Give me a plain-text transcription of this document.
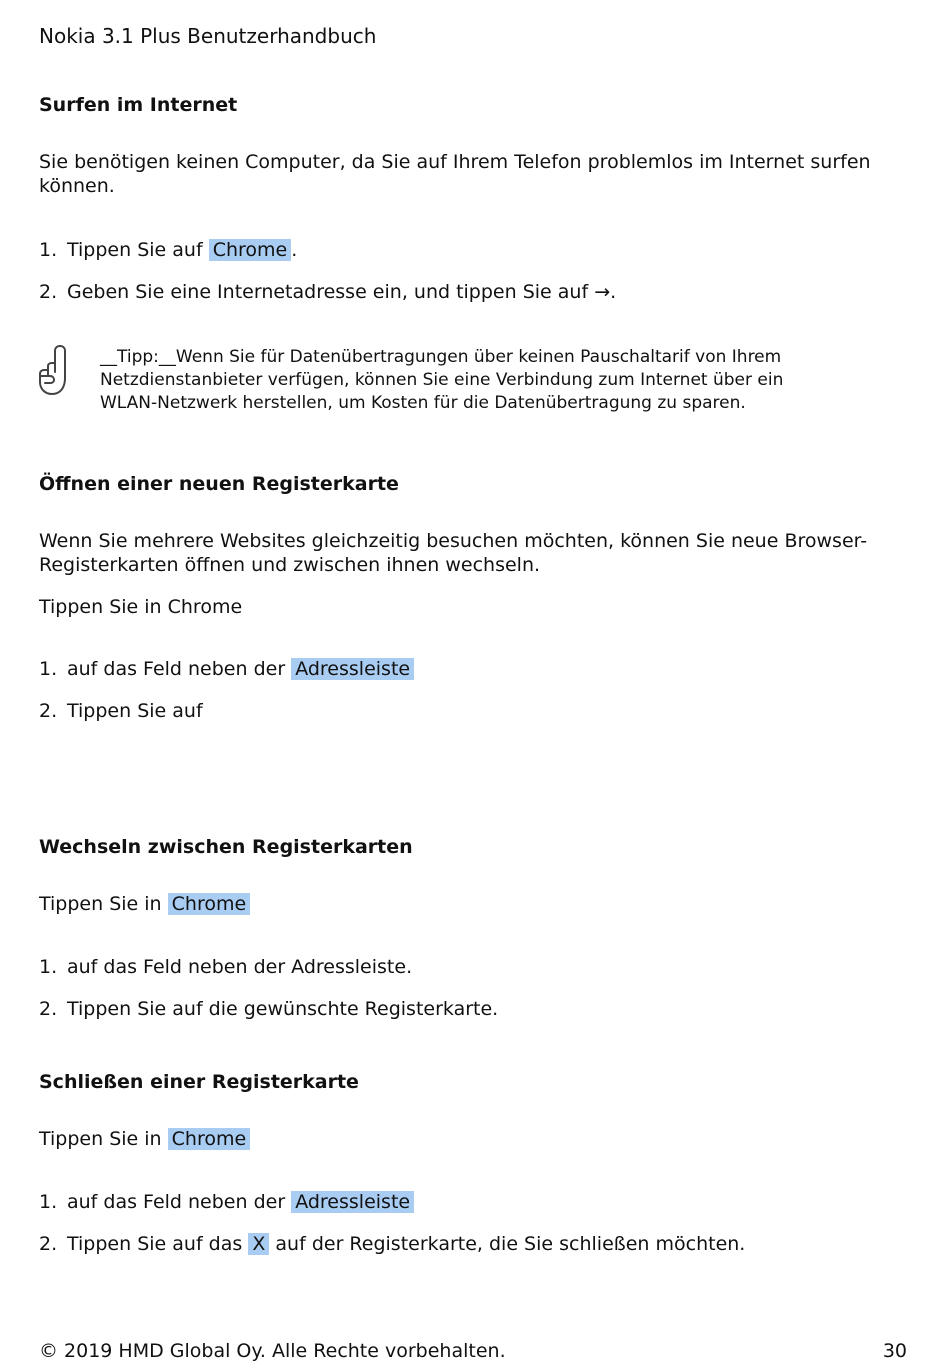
Nokia 3.1 Plus Benutzerhandbuch
Surfen im Internet

Sie benötigen keinen Computer, da Sie auf Ihrem Telefon problemlos im Internet surfen können.

1. Tippen Sie auf Chrome .
2. Geben Sie eine Internetadresse ein, und tippen Sie auf →.
__Tipp:__Wenn Sie für Datenübertragungen über keinen Pauschaltarif von Ihrem Netzdienstanbieter verfügen, können Sie eine Verbindung zum Internet über ein WLAN-Netzwerk herstellen, um Kosten für die Datenübertragung zu sparen.
Öffnen einer neuen Registerkarte

Wenn Sie mehrere Websites gleichzeitig besuchen möchten, können Sie neue Browser-Registerkarten öffnen und zwischen ihnen wechseln.

Tippen Sie in Chrome

1. auf das Feld neben der Adressleiste
2. Tippen Sie auf
Wechseln zwischen Registerkarten

Tippen Sie in Chrome

1. auf das Feld neben der Adressleiste.
2. Tippen Sie auf die gewünschte Registerkarte.
Schließen einer Registerkarte

Tippen Sie in Chrome

1. auf das Feld neben der Adressleiste
2. Tippen Sie auf das X auf der Registerkarte, die Sie schließen möchten.
© 2019 HMD Global Oy. Alle Rechte vorbehalten.	30
